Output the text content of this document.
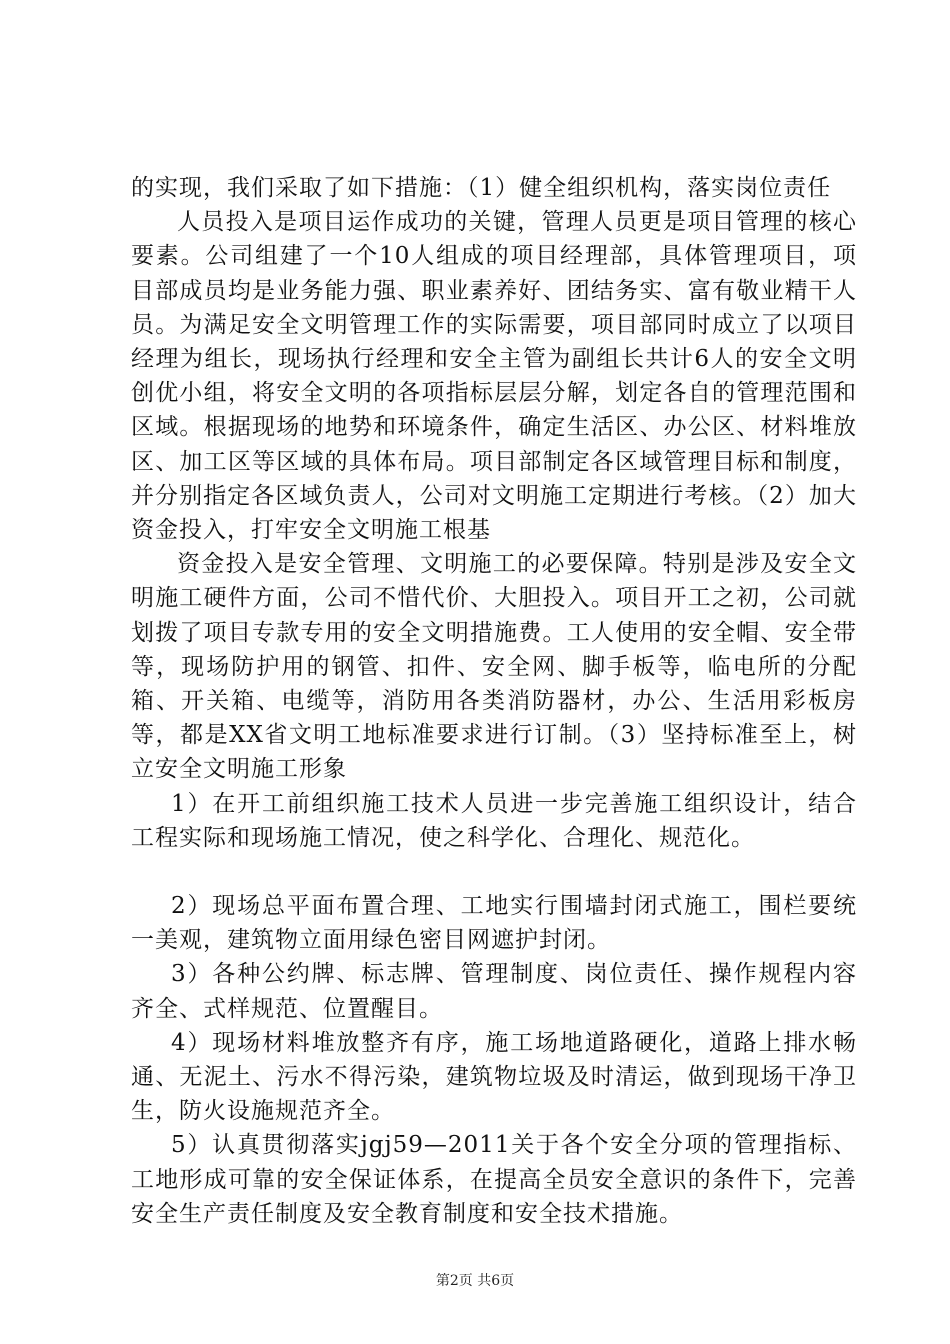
的实现，我们采取了如下措施：（1）健全组织机构，落实岗位责任

人员投入是项目运作成功的关键，管理人员更是项目管理的核心要素。公司组建了一个10人组成的项目经理部，具体管理项目，项目部成员均是业务能力强、职业素养好、团结务实、富有敬业精干人员。为满足安全文明管理工作的实际需要，项目部同时成立了以项目经理为组长，现场执行经理和安全主管为副组长共计6人的安全文明创优小组，将安全文明的各项指标层层分解，划定各自的管理范围和区域。根据现场的地势和环境条件，确定生活区、办公区、材料堆放区、加工区等区域的具体布局。项目部制定各区域管理目标和制度，并分别指定各区域负责人，公司对文明施工定期进行考核。（2）加大资金投入，打牢安全文明施工根基

资金投入是安全管理、文明施工的必要保障。特别是涉及安全文明施工硬件方面，公司不惜代价、大胆投入。项目开工之初，公司就划拨了项目专款专用的安全文明措施费。工人使用的安全帽、安全带等，现场防护用的钢管、扣件、安全网、脚手板等，临电所的分配箱、开关箱、电缆等，消防用各类消防器材，办公、生活用彩板房等，都是XX省文明工地标准要求进行订制。（3）坚持标准至上，树立安全文明施工形象

1）在开工前组织施工技术人员进一步完善施工组织设计，结合工程实际和现场施工情况，使之科学化、合理化、规范化。

2）现场总平面布置合理、工地实行围墙封闭式施工，围栏要统一美观，建筑物立面用绿色密目网遮护封闭。

3）各种公约牌、标志牌、管理制度、岗位责任、操作规程内容齐全、式样规范、位置醒目。

4）现场材料堆放整齐有序，施工场地道路硬化，道路上排水畅通、无泥土、污水不得污染，建筑物垃圾及时清运，做到现场干净卫生，防火设施规范齐全。

5）认真贯彻落实jgj59—2011关于各个安全分项的管理指标、工地形成可靠的安全保证体系，在提高全员安全意识的条件下，完善安全生产责任制度及安全教育制度和安全技术措施。

第2页 共6页
